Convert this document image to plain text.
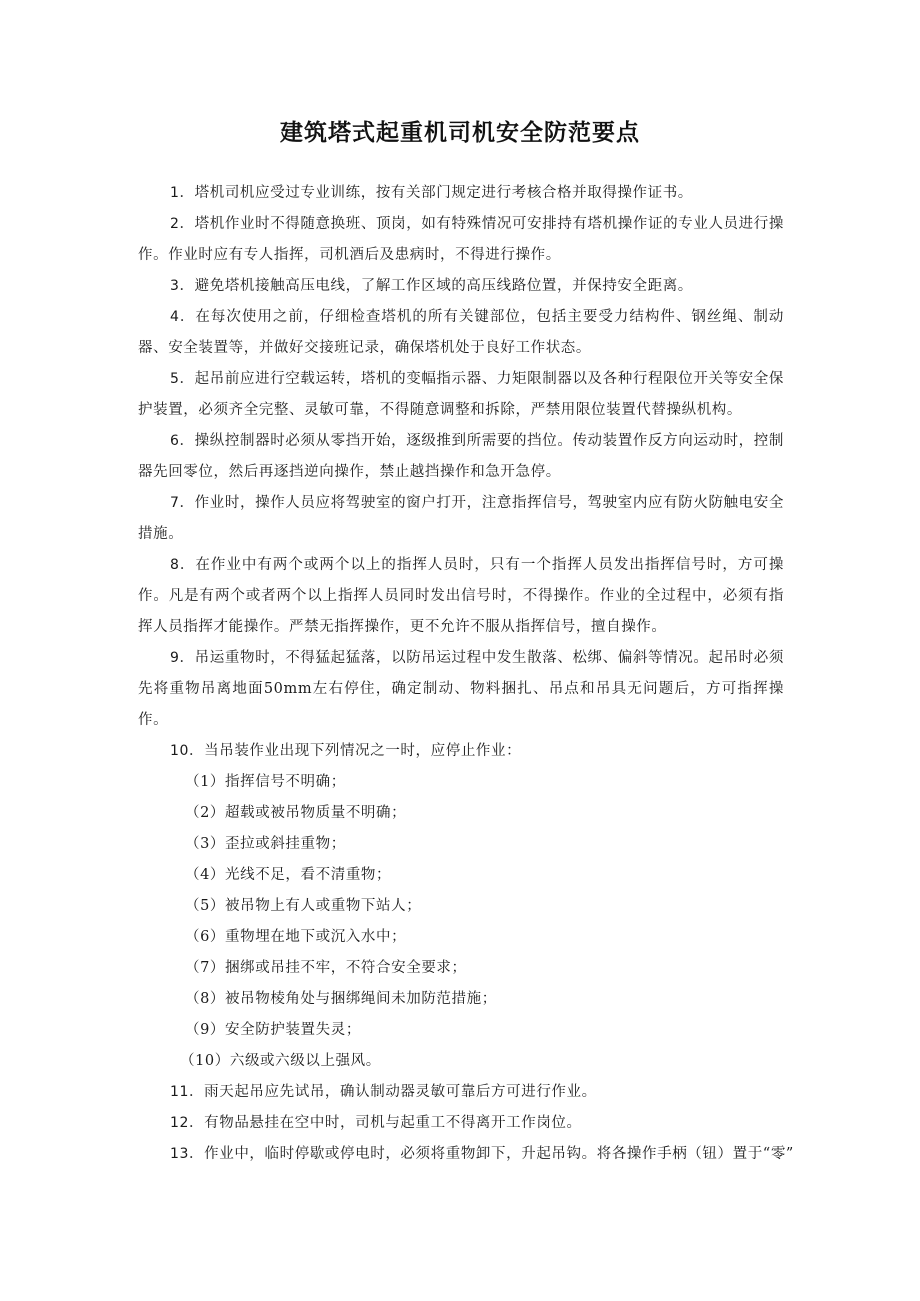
建筑塔式起重机司机安全防范要点

1．塔机司机应受过专业训练，按有关部门规定进行考核合格并取得操作证书。

2．塔机作业时不得随意换班、顶岗，如有特殊情况可安排持有塔机操作证的专业人员进行操作。作业时应有专人指挥，司机酒后及患病时，不得进行操作。

3．避免塔机接触高压电线，了解工作区域的高压线路位置，并保持安全距离。

4．在每次使用之前，仔细检查塔机的所有关键部位，包括主要受力结构件、钢丝绳、制动器、安全装置等，并做好交接班记录，确保塔机处于良好工作状态。

5．起吊前应进行空载运转，塔机的变幅指示器、力矩限制器以及各种行程限位开关等安全保护装置，必须齐全完整、灵敏可靠，不得随意调整和拆除，严禁用限位装置代替操纵机构。

6．操纵控制器时必须从零挡开始，逐级推到所需要的挡位。传动装置作反方向运动时，控制器先回零位，然后再逐挡逆向操作，禁止越挡操作和急开急停。

7．作业时，操作人员应将驾驶室的窗户打开，注意指挥信号，驾驶室内应有防火防触电安全措施。

8．在作业中有两个或两个以上的指挥人员时，只有一个指挥人员发出指挥信号时，方可操作。凡是有两个或者两个以上指挥人员同时发出信号时，不得操作。作业的全过程中，必须有指挥人员指挥才能操作。严禁无指挥操作，更不允许不服从指挥信号，擅自操作。

9．吊运重物时，不得猛起猛落，以防吊运过程中发生散落、松绑、偏斜等情况。起吊时必须先将重物吊离地面50mm左右停住，确定制动、物料捆扎、吊点和吊具无问题后，方可指挥操作。

10．当吊装作业出现下列情况之一时，应停止作业：

（1）指挥信号不明确；

（2）超载或被吊物质量不明确；

（3）歪拉或斜挂重物；

（4）光线不足，看不清重物；

（5）被吊物上有人或重物下站人；

（6）重物埋在地下或沉入水中；

（7）捆绑或吊挂不牢，不符合安全要求；

（8）被吊物棱角处与捆绑绳间未加防范措施；

（9）安全防护装置失灵；

（10）六级或六级以上强风。

11．雨天起吊应先试吊，确认制动器灵敏可靠后方可进行作业。

12．有物品悬挂在空中时，司机与起重工不得离开工作岗位。

13．作业中，临时停歇或停电时，必须将重物卸下，升起吊钩。将各操作手柄（钮）置于“零”
